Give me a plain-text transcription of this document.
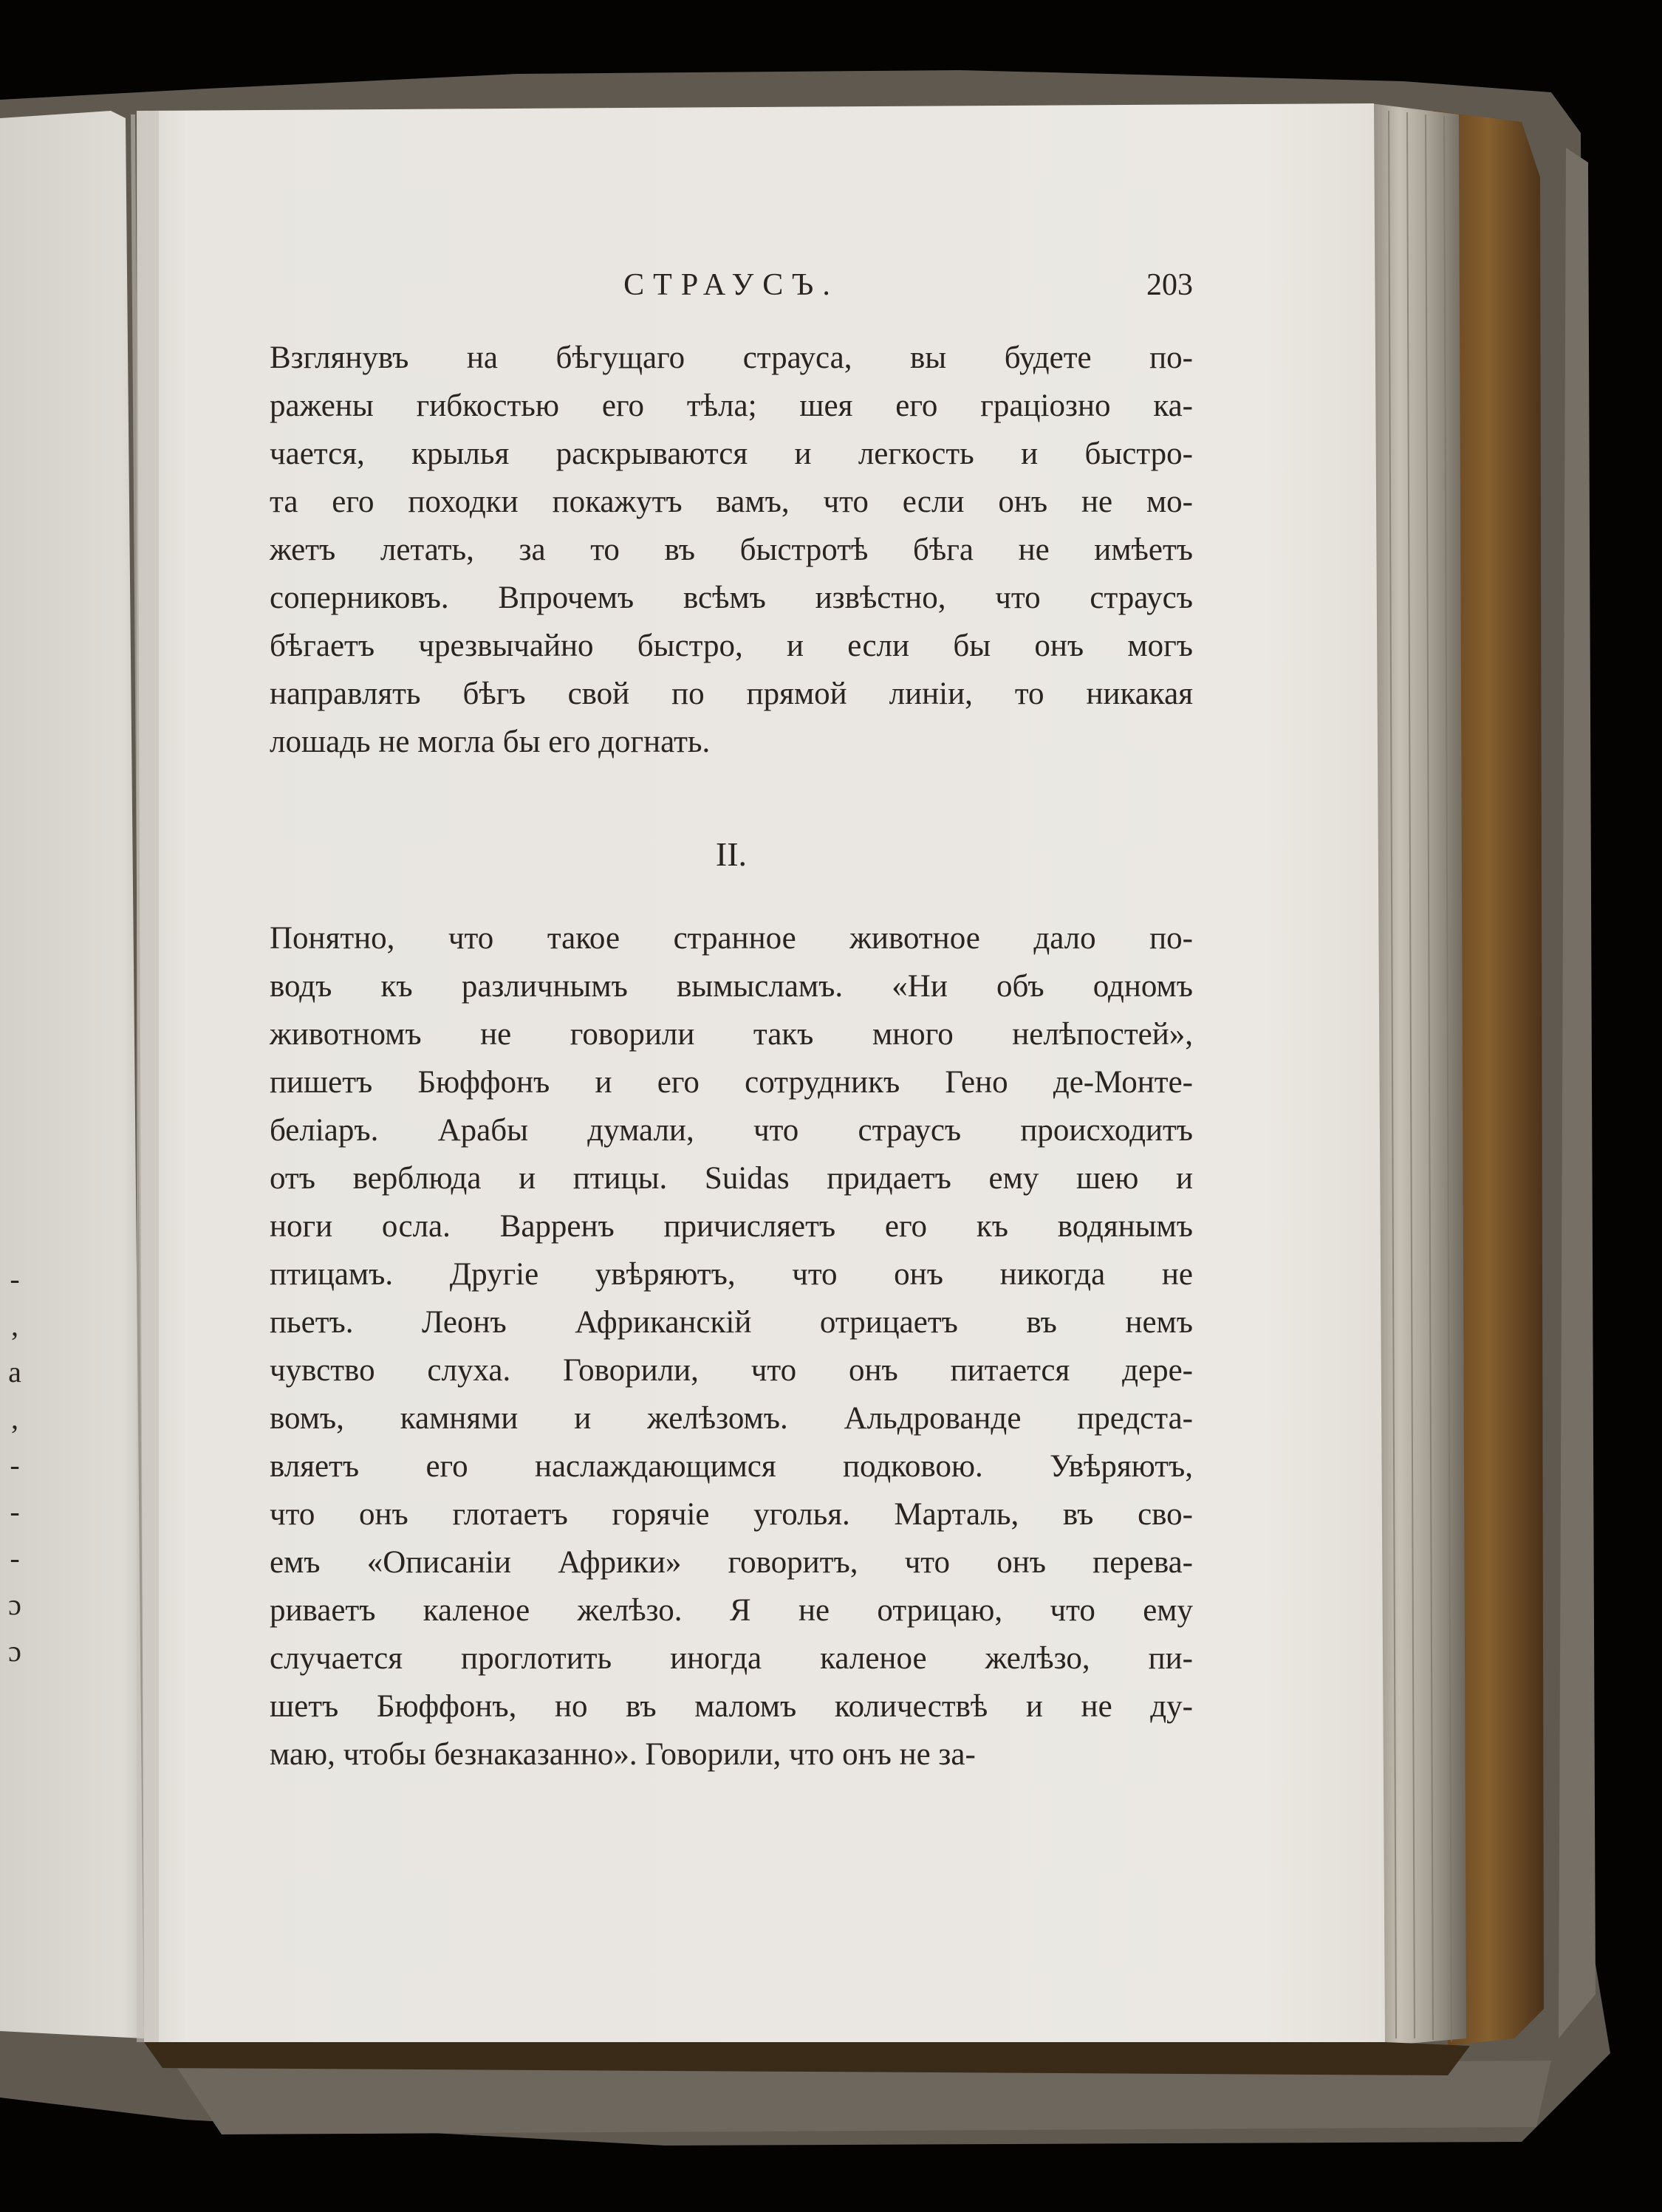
СТРАУСЪ.	203
Взглянувъ на бѣгущаго страуса, вы будете по-
ражены гибкостью его тѣла; шея его граціозно ка-
чается, крылья раскрываются и легкость и быстро-
та его походки покажутъ вамъ, что если онъ не мо-
жетъ летать, за то въ быстротѣ бѣга не имѣетъ
соперниковъ. Впрочемъ всѣмъ извѣстно, что страусъ
бѣгаетъ чрезвычайно быстро, и если бы онъ могъ
направлять бѣгъ свой по прямой линіи, то никакая
лошадь не могла бы его догнать.
II.
Понятно, что такое странное животное дало по-
водъ къ различнымъ вымысламъ. «Ни объ одномъ
животномъ не говорили такъ много нелѣпостей»,
пишетъ Бюффонъ и его сотрудникъ Гено де-Монте-
беліаръ. Арабы думали, что страусъ происходитъ
отъ верблюда и птицы. Suidas придаетъ ему шею и
ноги осла. Варренъ причисляетъ его къ водянымъ
птицамъ. Другіе увѣряютъ, что онъ никогда не
пьетъ. Леонъ Африканскій отрицаетъ въ немъ
чувство слуха. Говорили, что онъ питается дере-
вомъ, камнями и желѣзомъ. Альдрованде предста-
вляетъ его наслаждающимся подковою. Увѣряютъ,
что онъ глотаетъ горячіе уголья. Марталь, въ сво-
емъ «Описаніи Африки» говоритъ, что онъ перева-
риваетъ каленое желѣзо. Я не отрицаю, что ему
случается проглотить иногда каленое желѣзо, пи-
шетъ Бюффонъ, но въ маломъ количествѣ и не ду-
маю, чтобы безнаказанно». Говорили, что онъ не за-
-
,
a
,
-
-
-
ɔ
ɔ
